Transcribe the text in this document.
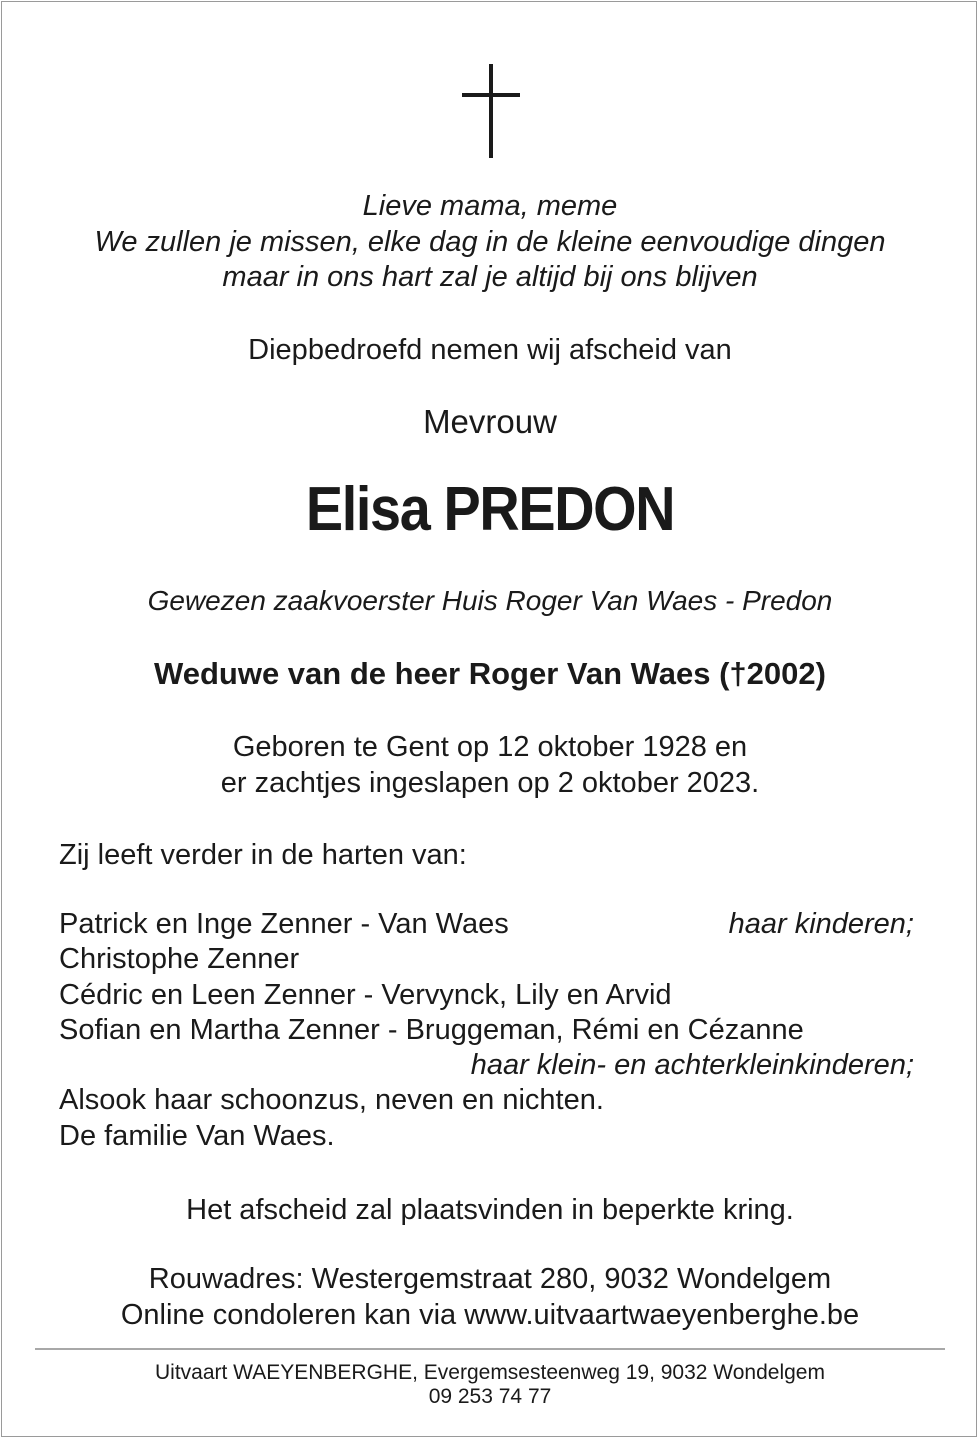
Lieve mama, meme
We zullen je missen, elke dag in de kleine eenvoudige dingen
maar in ons hart zal je altijd bij ons blijven
Diepbedroefd nemen wij afscheid van
Mevrouw
Elisa PREDON
Gewezen zaakvoerster Huis Roger Van Waes - Predon
Weduwe van de heer Roger Van Waes (†2002)
Geboren te Gent op 12 oktober 1928 en
er zachtjes ingeslapen op 2 oktober 2023.
Zij leeft verder in de harten van:
Patrick en Inge Zenner - Van Waes	haar kinderen;
Christophe Zenner
Cédric en Leen Zenner - Vervynck, Lily en Arvid
Sofian en Martha Zenner - Bruggeman, Rémi en Cézanne
haar klein- en achterkleinkinderen;
Alsook haar schoonzus, neven en nichten.
De familie Van Waes.
Het afscheid zal plaatsvinden in beperkte kring.
Rouwadres: Westergemstraat 280, 9032 Wondelgem
Online condoleren kan via www.uitvaartwaeyenberghe.be
Uitvaart WAEYENBERGHE, Evergemsesteenweg 19, 9032 Wondelgem
09 253 74 77
